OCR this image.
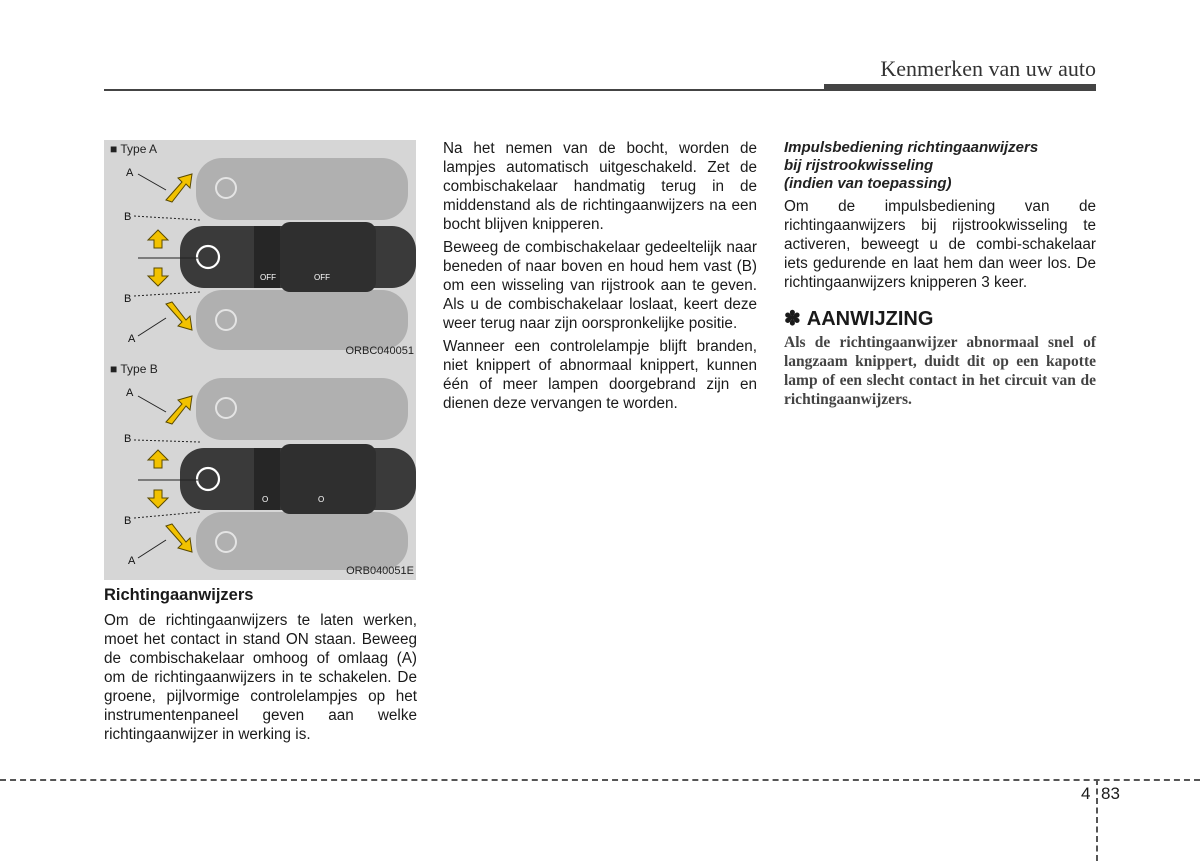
Kenmerken van uw auto
OFF	OFF
A
B
B
A
■ Type A
ORBC040051
O	O
A
B
B
A
■ Type B
ORB040051E
Richtingaanwijzers

Om de richtingaanwijzers te laten werken, moet het contact in stand ON staan. Beweeg de combischakelaar omhoog of omlaag (A) om de richtingaanwijzers in te schakelen. De groene, pijlvormige controlelampjes op het instrumentenpaneel geven aan welke richtingaanwijzer in werking is.

Na het nemen van de bocht, worden de lampjes automatisch uitgeschakeld. Zet de combischakelaar handmatig terug in de middenstand als de richtingaanwijzers na een bocht blijven knipperen.

Beweeg de combischakelaar gedeeltelijk naar beneden of naar boven en houd hem vast (B) om een wisseling van rijstrook aan te geven. Als u de combischakelaar loslaat, keert deze weer terug naar zijn oorspronkelijke positie.

Wanneer een controlelampje blijft branden, niet knippert of abnormaal knippert, kunnen één of meer lampen doorgebrand zijn en dienen deze vervangen te worden.

Impulsbediening richtingaanwijzers
bij rijstrookwisseling
(indien van toepassing)

Om de impulsbediening van de richtingaanwijzers bij rijstrookwisseling te activeren, beweegt u de combi-schakelaar iets gedurende en laat hem dan weer los. De richtingaanwijzers knipperen 3 keer.

✽ AANWIJZING
Als de richtingaanwijzer abnormaal snel of langzaam knippert, duidt dit op een kapotte lamp of een slecht contact in het circuit van de richtingaanwijzers.
4 83
